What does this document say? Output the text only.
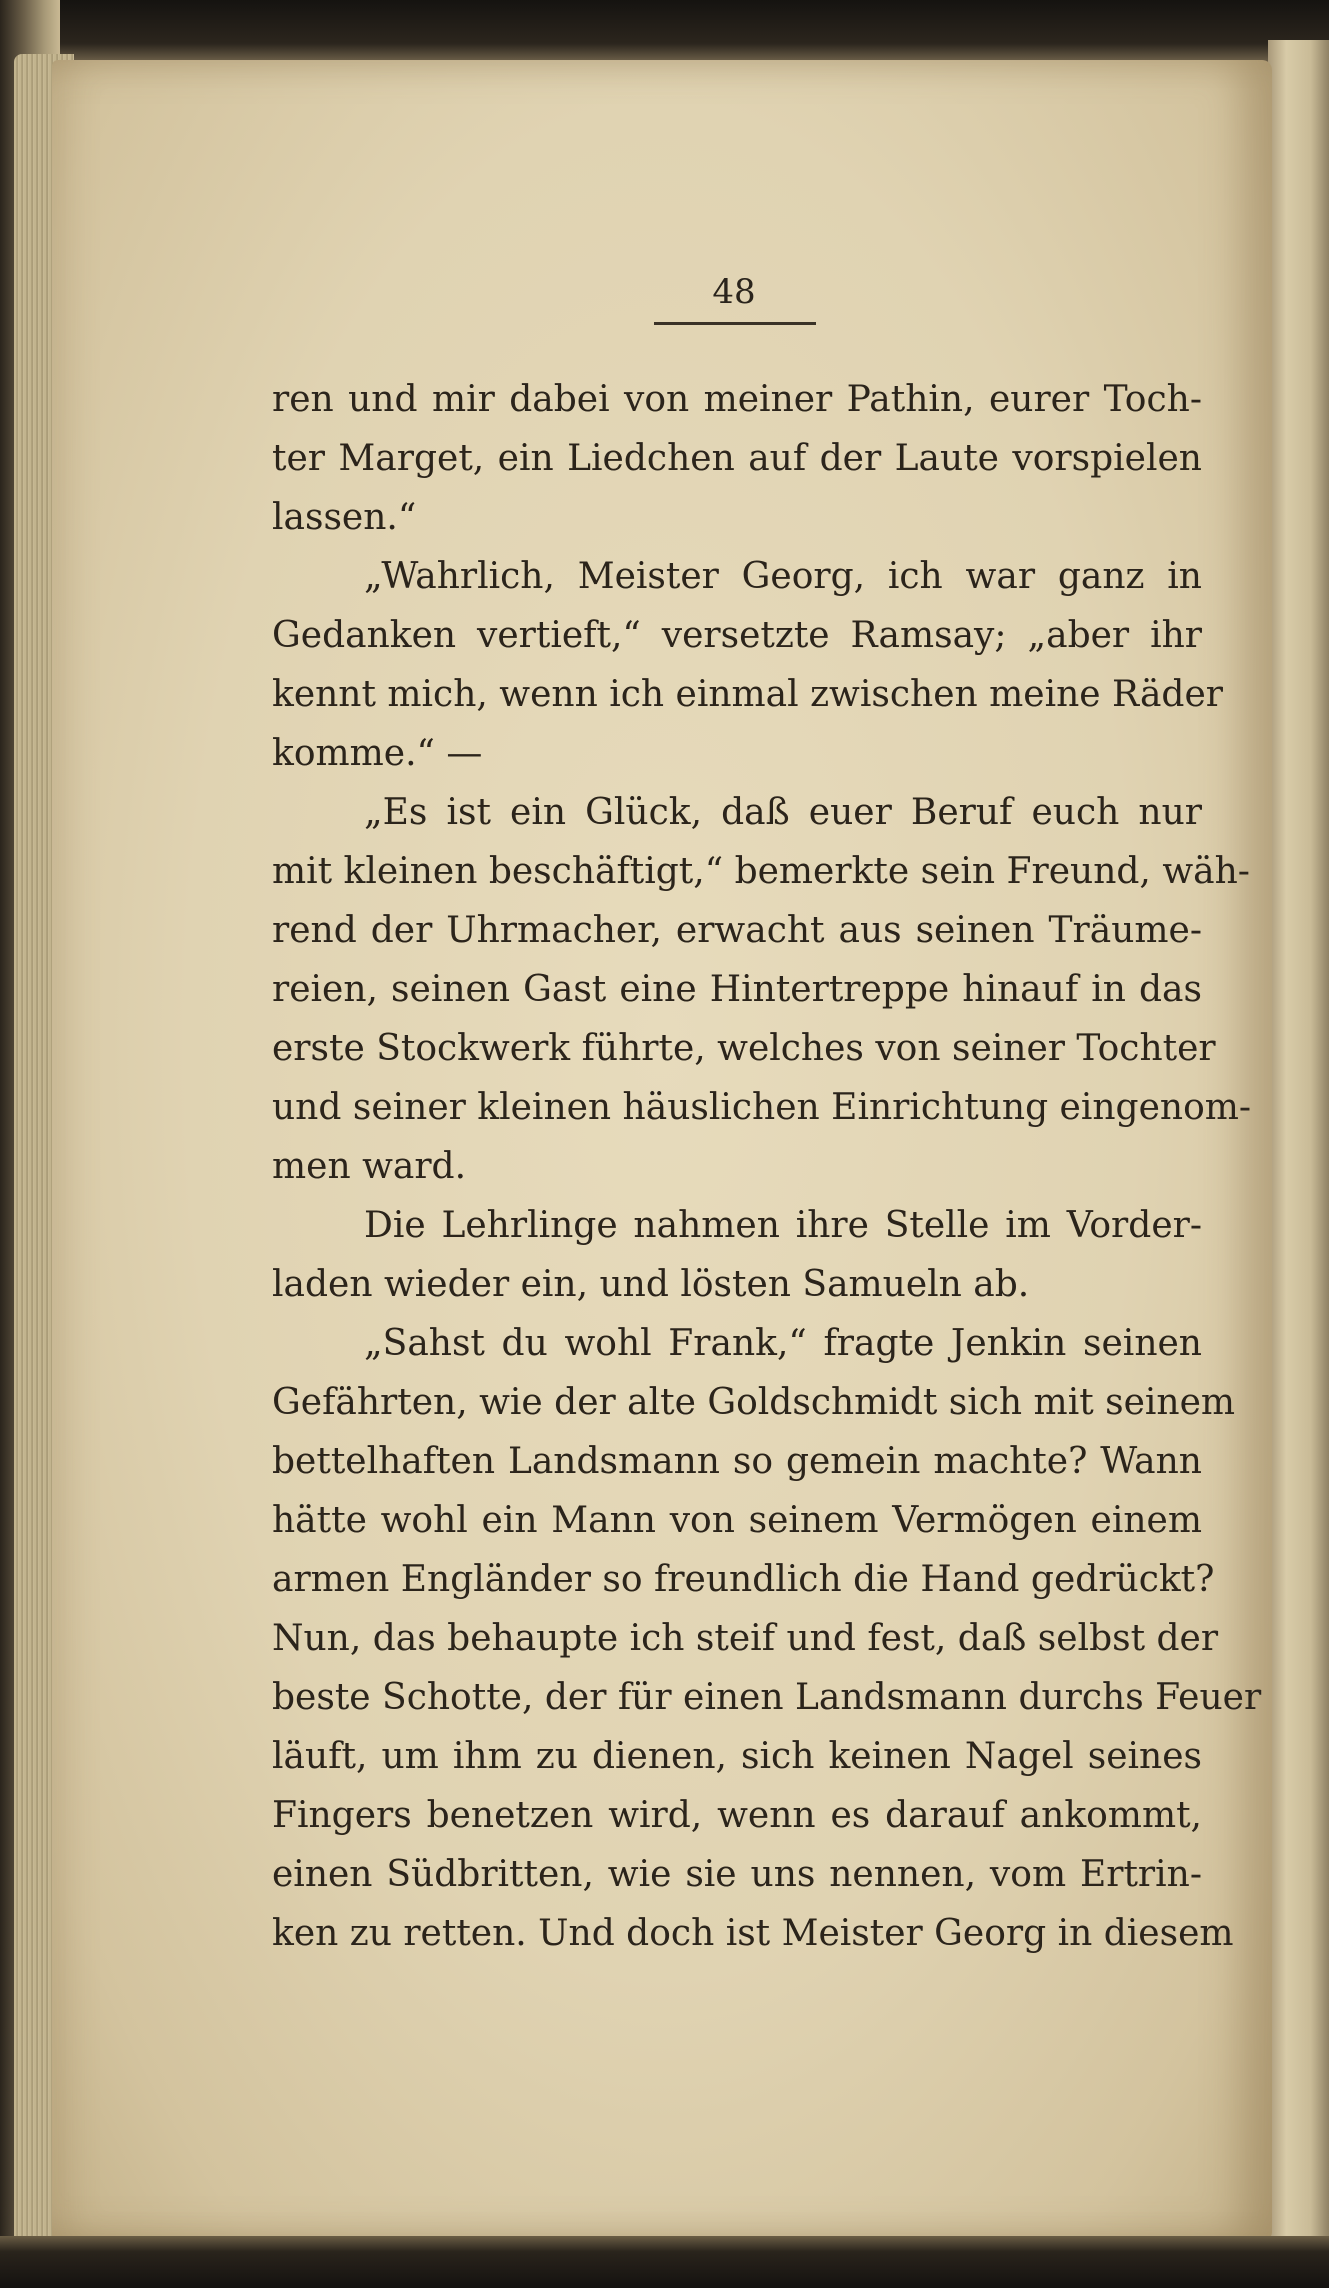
48
ren und mir dabei von meiner Pathin, eurer Toch-
ter Marget, ein Liedchen auf der Laute vorspielen
lassen.“
„Wahrlich, Meister Georg, ich war ganz in
Gedanken vertieft,“ versetzte Ramsay; „aber ihr
kennt mich, wenn ich einmal zwischen meine Räder
komme.“ —
„Es ist ein Glück, daß euer Beruf euch nur
mit kleinen beschäftigt,“ bemerkte sein Freund, wäh-
rend der Uhrmacher, erwacht aus seinen Träume-
reien, seinen Gast eine Hintertreppe hinauf in das
erste Stockwerk führte, welches von seiner Tochter
und seiner kleinen häuslichen Einrichtung eingenom-
men ward.
Die Lehrlinge nahmen ihre Stelle im Vorder-
laden wieder ein, und lösten Samueln ab.
„Sahst du wohl Frank,“ fragte Jenkin seinen
Gefährten, wie der alte Goldschmidt sich mit seinem
bettelhaften Landsmann so gemein machte? Wann
hätte wohl ein Mann von seinem Vermögen einem
armen Engländer so freundlich die Hand gedrückt?
Nun, das behaupte ich steif und fest, daß selbst der
beste Schotte, der für einen Landsmann durchs Feuer
läuft, um ihm zu dienen, sich keinen Nagel seines
Fingers benetzen wird, wenn es darauf ankommt,
einen Südbritten, wie sie uns nennen, vom Ertrin-
ken zu retten. Und doch ist Meister Georg in diesem
